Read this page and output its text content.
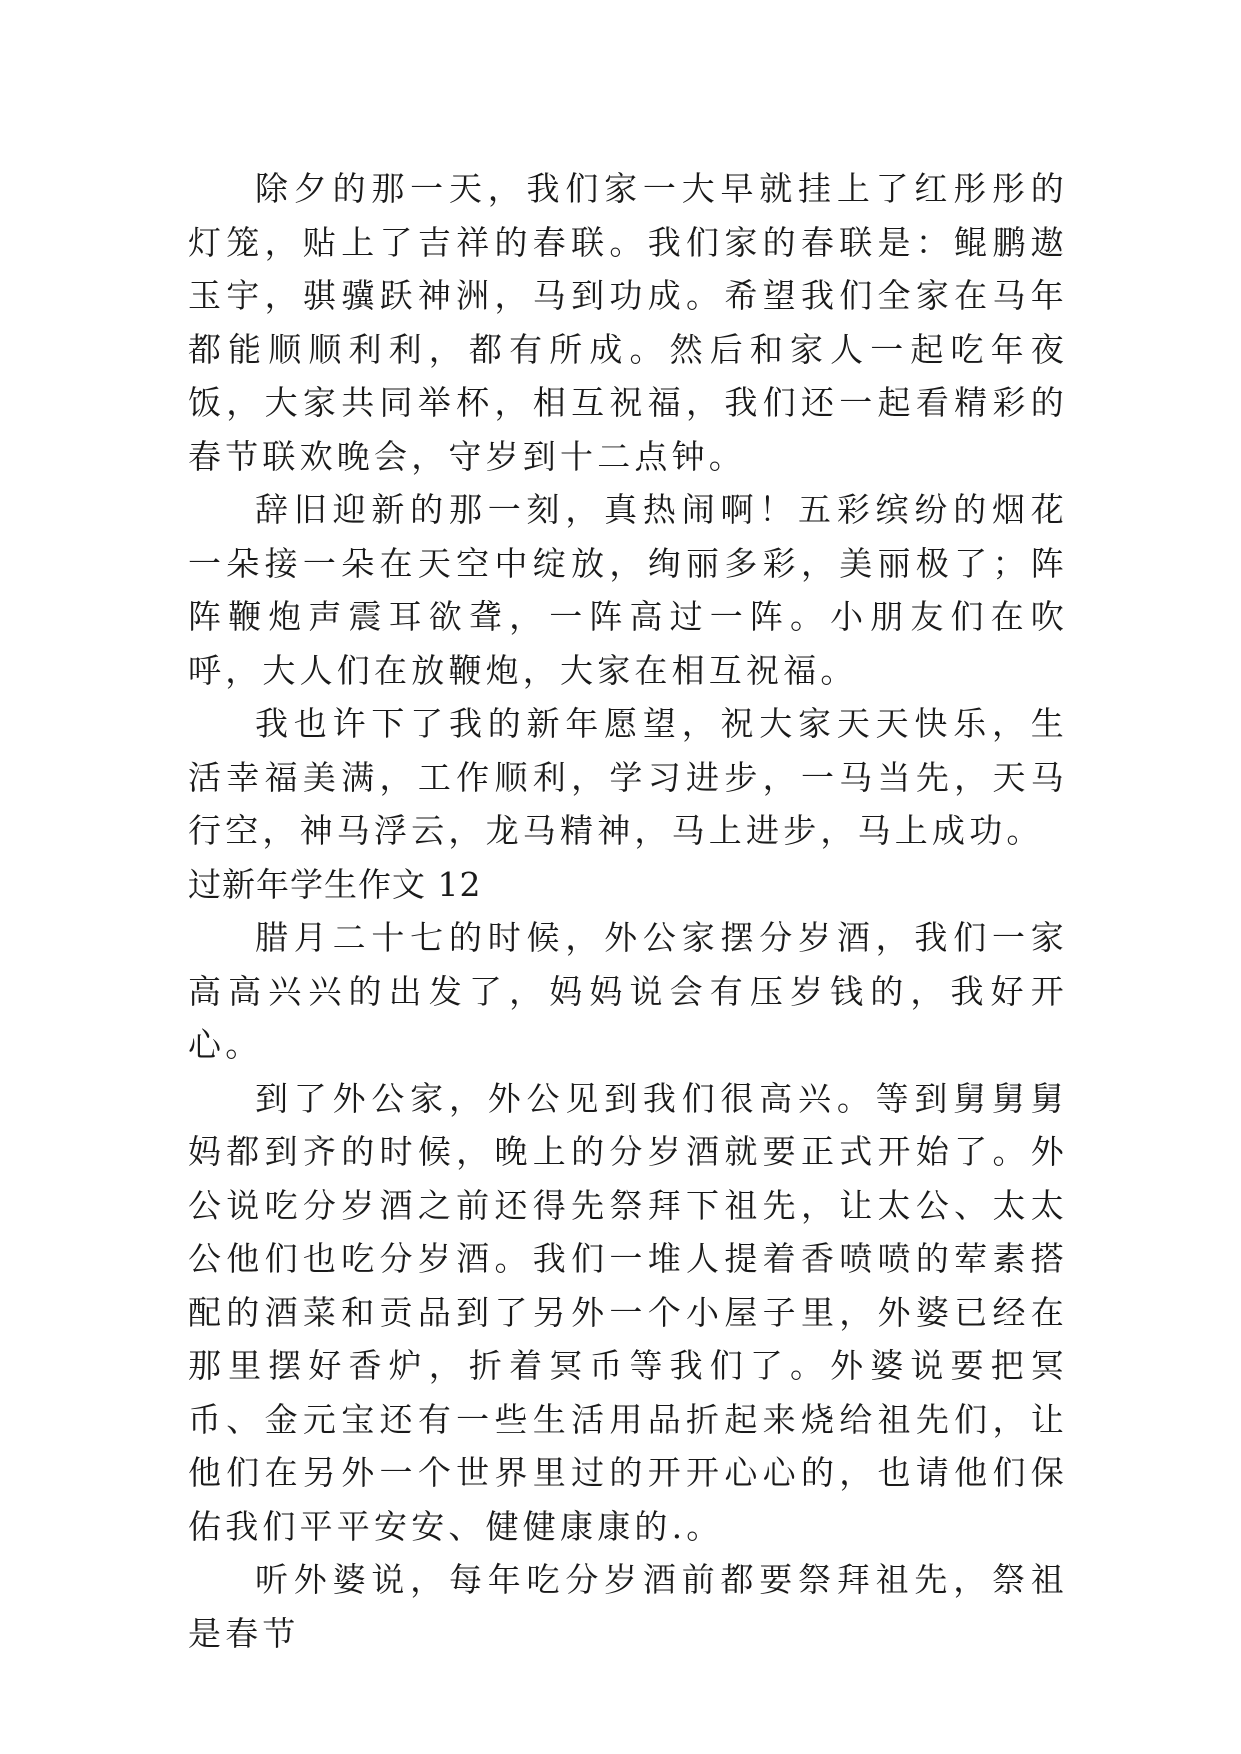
除夕的那一天，我们家一大早就挂上了红彤彤的灯笼，贴上了吉祥的春联。我们家的春联是：鲲鹏遨玉宇，骐骥跃神洲，马到功成。希望我们全家在马年都能顺顺利利，都有所成。然后和家人一起吃年夜饭，大家共同举杯，相互祝福，我们还一起看精彩的春节联欢晚会，守岁到十二点钟。

辞旧迎新的那一刻，真热闹啊！五彩缤纷的烟花一朵接一朵在天空中绽放，绚丽多彩，美丽极了；阵阵鞭炮声震耳欲聋，一阵高过一阵。小朋友们在吹呼，大人们在放鞭炮，大家在相互祝福。

我也许下了我的新年愿望，祝大家天天快乐，生活幸福美满，工作顺利，学习进步，一马当先，天马行空，神马浮云，龙马精神，马上进步，马上成功。

过新年学生作文 12

腊月二十七的时候，外公家摆分岁酒，我们一家高高兴兴的出发了，妈妈说会有压岁钱的，我好开心。

到了外公家，外公见到我们很高兴。等到舅舅舅妈都到齐的时候，晚上的分岁酒就要正式开始了。外公说吃分岁酒之前还得先祭拜下祖先，让太公、太太公他们也吃分岁酒。我们一堆人提着香喷喷的荤素搭配的酒菜和贡品到了另外一个小屋子里，外婆已经在那里摆好香炉，折着冥币等我们了。外婆说要把冥币、金元宝还有一些生活用品折起来烧给祖先们，让他们在另外一个世界里过的开开心心的，也请他们保佑我们平平安安、健健康康的.。

听外婆说，每年吃分岁酒前都要祭拜祖先，祭祖是春节
